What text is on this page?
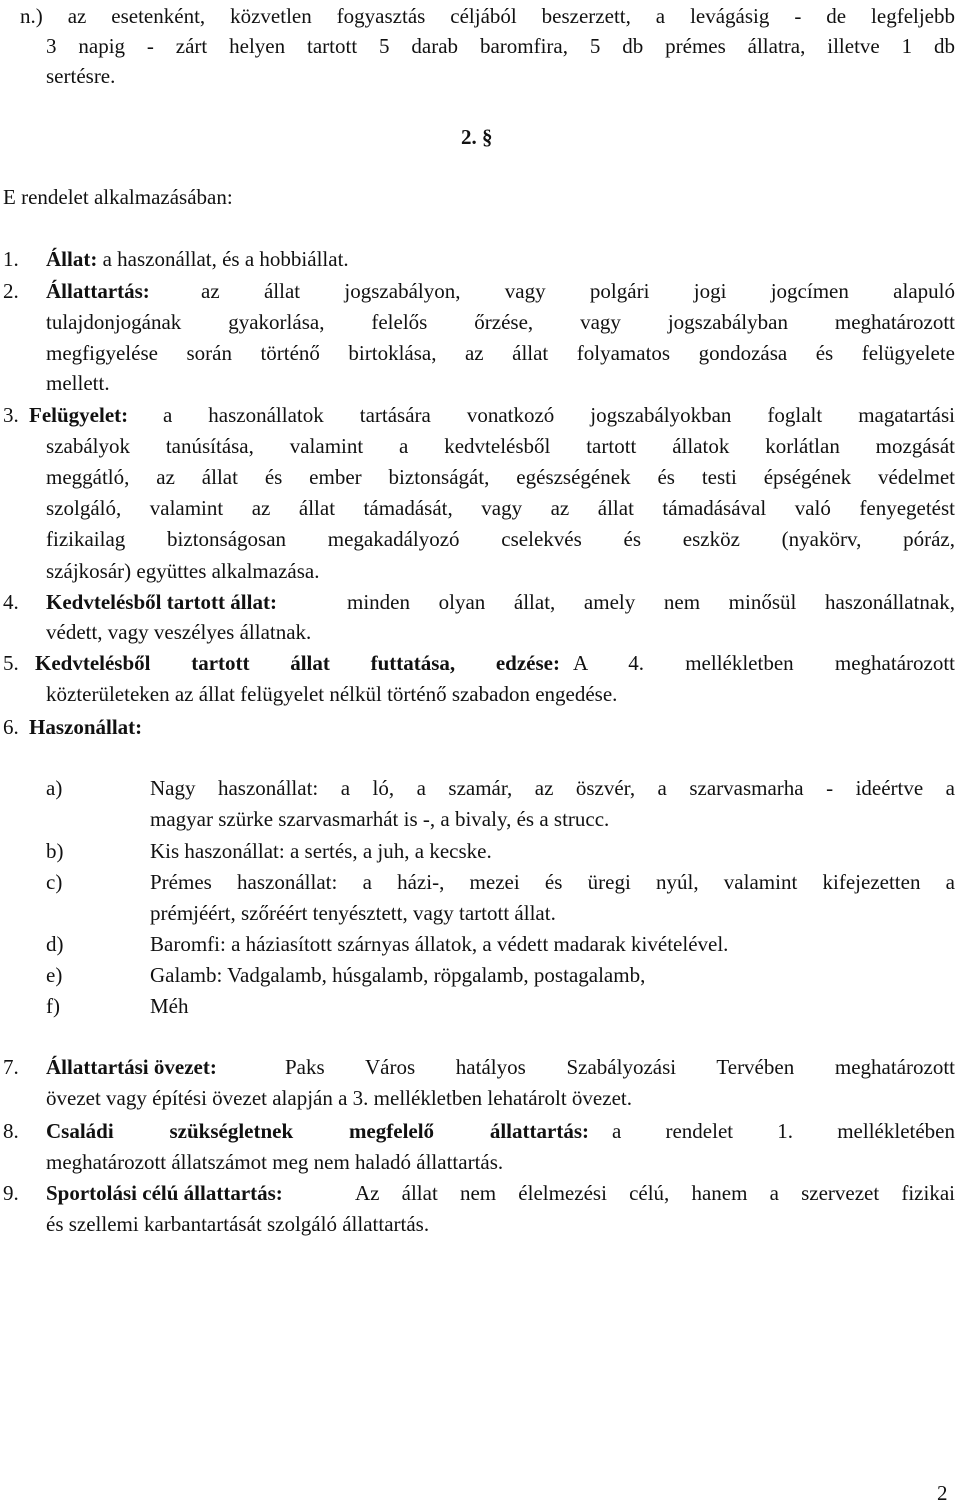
n.) az esetenként, közvetlen fogyasztás céljából beszerzett, a levágásig - de legfeljebb
3 napig - zárt helyen tartott 5 darab baromfira, 5 db prémes állatra, illetve 1 db
sertésre.
2. §
E rendelet alkalmazásában:
1. Állat: a haszonállat, és a hobbiállat.
2. Állattartás: az állat jogszabályon, vagy polgári jogi jogcímen alapuló
tulajdonjogának gyakorlása, felelős őrzése, vagy jogszabályban meghatározott
megfigyelése során történő birtoklása, az állat folyamatos gondozása és felügyelete
mellett.
3. Felügyelet: a haszonállatok tartására vonatkozó jogszabályokban foglalt magatartási
szabályok tanúsítása, valamint a kedvtelésből tartott állatok korlátlan mozgását
meggátló, az állat és ember biztonságát, egészségének és testi épségének védelmet
szolgáló, valamint az állat támadását, vagy az állat támadásával való fenyegetést
fizikailag biztonságosan megakadályozó cselekvés és eszköz (nyakörv, póráz,
szájkosár) együttes alkalmazása.
4. Kedvtelésből tartott állat:	minden olyan állat, amely nem minősül haszonállatnak,
védett, vagy veszélyes állatnak.
5. Kedvtelésből tartott állat futtatása, edzése: A 4. mellékletben meghatározott
közterületeken az állat felügyelet nélkül történő szabadon engedése.
6. Haszonállat:
a)	Nagy haszonállat: a ló, a szamár, az öszvér, a szarvasmarha - ideértve a
magyar szürke szarvasmarhát is -, a bivaly, és a strucc.
b)	Kis haszonállat: a sertés, a juh, a kecske.
c)	Prémes haszonállat: a házi-, mezei és üregi nyúl, valamint kifejezetten a
prémjéért, szőréért tenyésztett, vagy tartott állat.
d)	Baromfi: a háziasított szárnyas állatok, a védett madarak kivételével.
e)	Galamb: Vadgalamb, húsgalamb, röpgalamb, postagalamb,
f)	Méh
7. Állattartási övezet:	Paks Város hatályos Szabályozási Tervében meghatározott
övezet vagy építési övezet alapján a 3. mellékletben lehatárolt övezet.
8. Családi szükségletnek megfelelő állattartás: a rendelet 1. mellékletében
meghatározott állatszámot meg nem haladó állattartás.
9. Sportolási célú állattartás:	Az állat nem élelmezési célú, hanem a szervezet fizikai
és szellemi karbantartását szolgáló állattartás.
2
